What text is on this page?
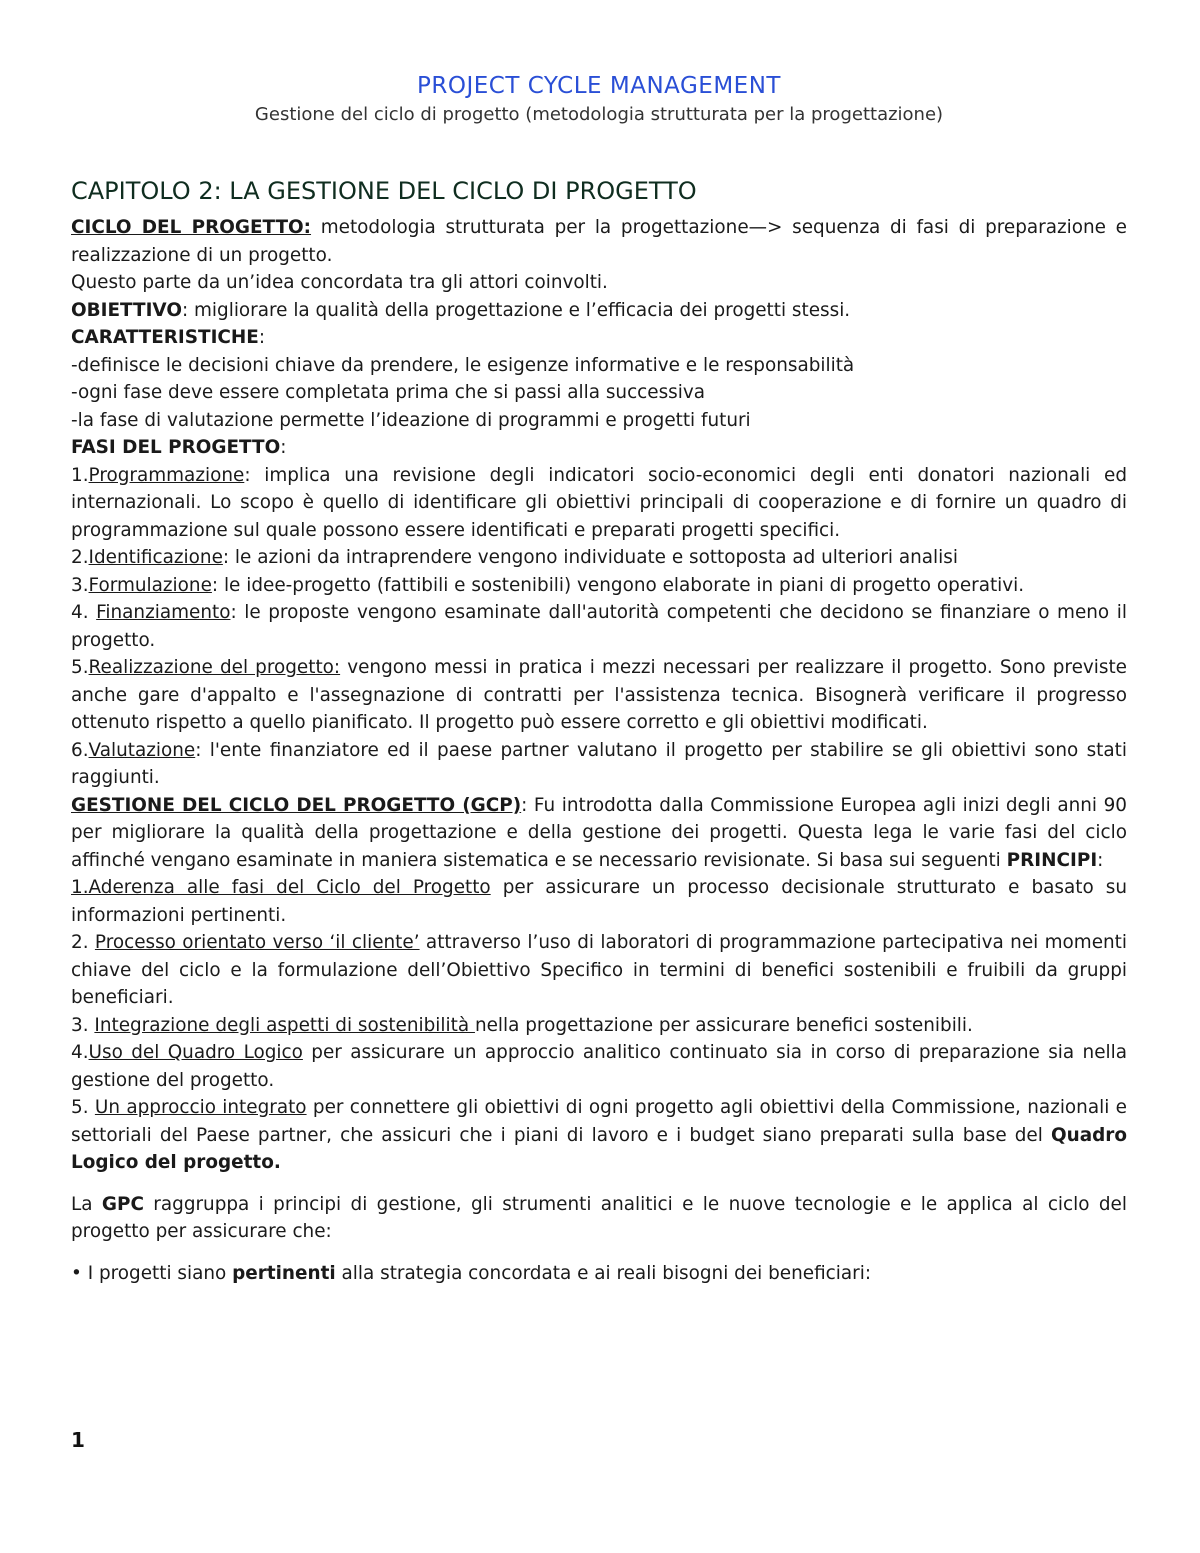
PROJECT CYCLE MANAGEMENT
Gestione del ciclo di progetto (metodologia strutturata per la progettazione)
CAPITOLO 2: LA GESTIONE DEL CICLO DI PROGETTO

CICLO DEL PROGETTO: metodologia strutturata per la progettazione—> sequenza di fasi di preparazione e realizzazione di un progetto.

Questo parte da un’idea concordata tra gli attori coinvolti.

OBIETTIVO: migliorare la qualità della progettazione e l’efficacia dei progetti stessi.

CARATTERISTICHE:

-definisce le decisioni chiave da prendere, le esigenze informative e le responsabilità

-ogni fase deve essere completata prima che si passi alla successiva

-la fase di valutazione permette l’ideazione di programmi e progetti futuri

FASI DEL PROGETTO:

1.Programmazione: implica una revisione degli indicatori socio-economici degli enti donatori nazionali ed internazionali. Lo scopo è quello di identificare gli obiettivi principali di cooperazione e di fornire un quadro di programmazione sul quale possono essere identificati e preparati progetti specifici.

2.Identificazione: le azioni da intraprendere vengono individuate e sottoposta ad ulteriori analisi

3.Formulazione: le idee-progetto (fattibili e sostenibili) vengono elaborate in piani di progetto operativi.

4. Finanziamento: le proposte vengono esaminate dall'autorità competenti che decidono se finanziare o meno il progetto.

5.Realizzazione del progetto: vengono messi in pratica i mezzi necessari per realizzare il progetto. Sono previste anche gare d'appalto e l'assegnazione di contratti per l'assistenza tecnica. Bisognerà verificare il progresso ottenuto rispetto a quello pianificato. Il progetto può essere corretto e gli obiettivi modificati.

6.Valutazione: l'ente finanziatore ed il paese partner valutano il progetto per stabilire se gli obiettivi sono stati raggiunti.

GESTIONE DEL CICLO DEL PROGETTO (GCP): Fu introdotta dalla Commissione Europea agli inizi degli anni 90 per migliorare la qualità della progettazione e della gestione dei progetti. Questa lega le varie fasi del ciclo affinché vengano esaminate in maniera sistematica e se necessario revisionate. Si basa sui seguenti PRINCIPI:

1.Aderenza alle fasi del Ciclo del Progetto per assicurare un processo decisionale strutturato e basato su informazioni pertinenti.

2. Processo orientato verso ‘il cliente’ attraverso l’uso di laboratori di programmazione partecipativa nei momenti chiave del ciclo e la formulazione dell’Obiettivo Specifico in termini di benefici sostenibili e fruibili da gruppi beneficiari.

3. Integrazione degli aspetti di sostenibilità nella progettazione per assicurare benefici sostenibili.

4.Uso del Quadro Logico per assicurare un approccio analitico continuato sia in corso di preparazione sia nella gestione del progetto.

5. Un approccio integrato per connettere gli obiettivi di ogni progetto agli obiettivi della Commissione, nazionali e settoriali del Paese partner, che assicuri che i piani di lavoro e i budget siano preparati sulla base del Quadro Logico del progetto.

La GPC raggruppa i principi di gestione, gli strumenti analitici e le nuove tecnologie e le applica al ciclo del progetto per assicurare che:

• I progetti siano pertinenti alla strategia concordata e ai reali bisogni dei beneficiari:

1
